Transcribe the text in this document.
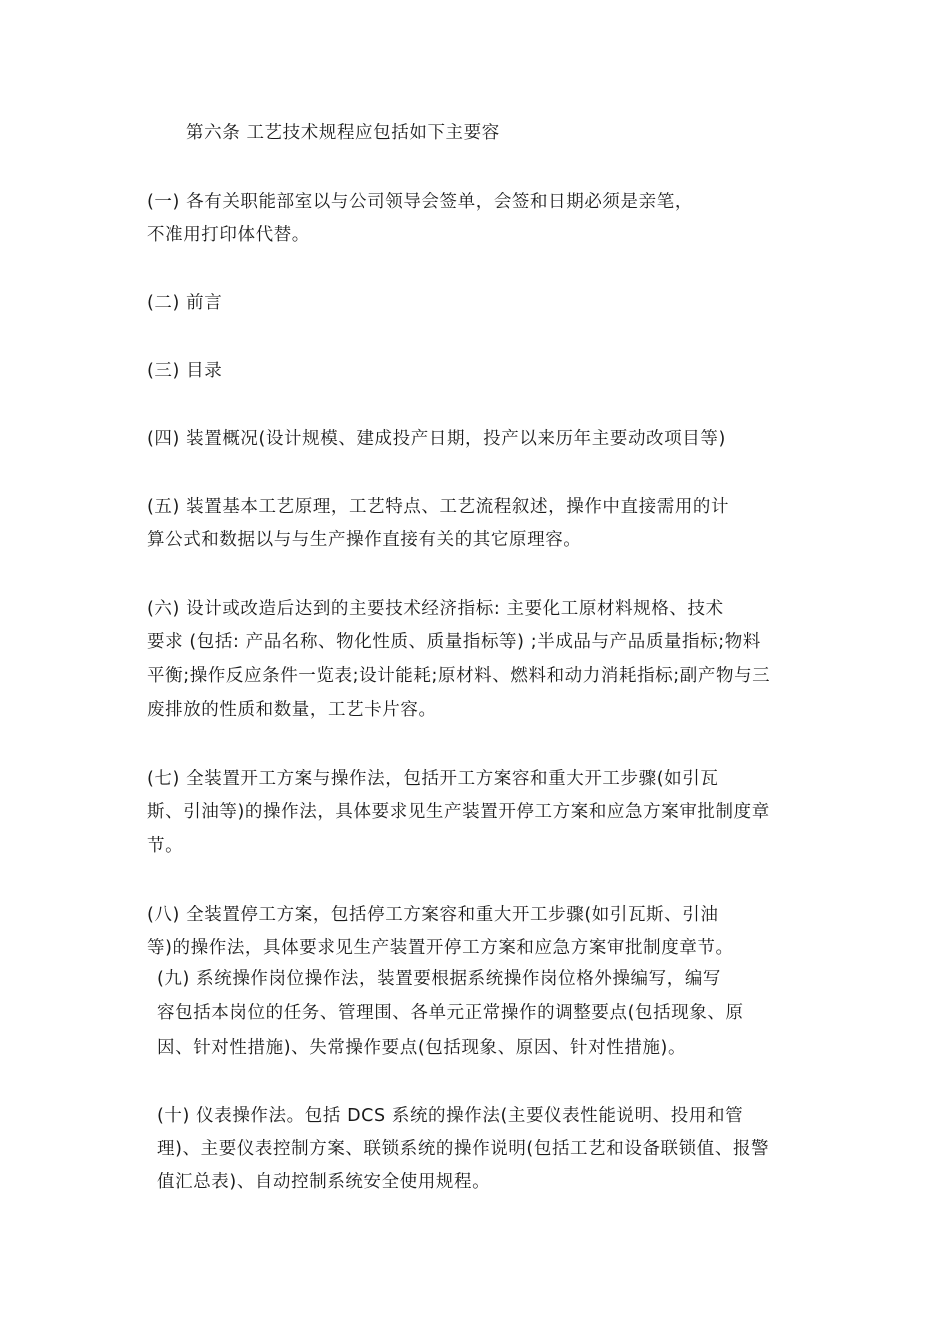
第六条 工艺技术规程应包括如下主要容
(一) 各有关职能部室以与公司领导会签单，会签和日期必须是亲笔，
不准用打印体代替。
(二) 前言
(三) 目录
(四) 装置概况(设计规模、建成投产日期，投产以来历年主要动改项目等)
(五) 装置基本工艺原理，工艺特点、工艺流程叙述，操作中直接需用的计
算公式和数据以与与生产操作直接有关的其它原理容。
(六) 设计或改造后达到的主要技术经济指标: 主要化工原材料规格、技术
要求 (包括: 产品名称、物化性质、质量指标等) ;半成品与产品质量指标;物料
平衡;操作反应条件一览表;设计能耗;原材料、燃料和动力消耗指标;副产物与三
废排放的性质和数量，工艺卡片容。
(七) 全装置开工方案与操作法，包括开工方案容和重大开工步骤(如引瓦
斯、引油等)的操作法，具体要求见生产装置开停工方案和应急方案审批制度章
节。
(八) 全装置停工方案，包括停工方案容和重大开工步骤(如引瓦斯、引油
等)的操作法，具体要求见生产装置开停工方案和应急方案审批制度章节。
(九) 系统操作岗位操作法，装置要根据系统操作岗位格外操编写，编写
容包括本岗位的任务、管理围、各单元正常操作的调整要点(包括现象、原
因、针对性措施)、失常操作要点(包括现象、原因、针对性措施)。
(十) 仪表操作法。包括 DCS 系统的操作法(主要仪表性能说明、投用和管
理)、主要仪表控制方案、联锁系统的操作说明(包括工艺和设备联锁值、报警
值汇总表)、自动控制系统安全使用规程。
